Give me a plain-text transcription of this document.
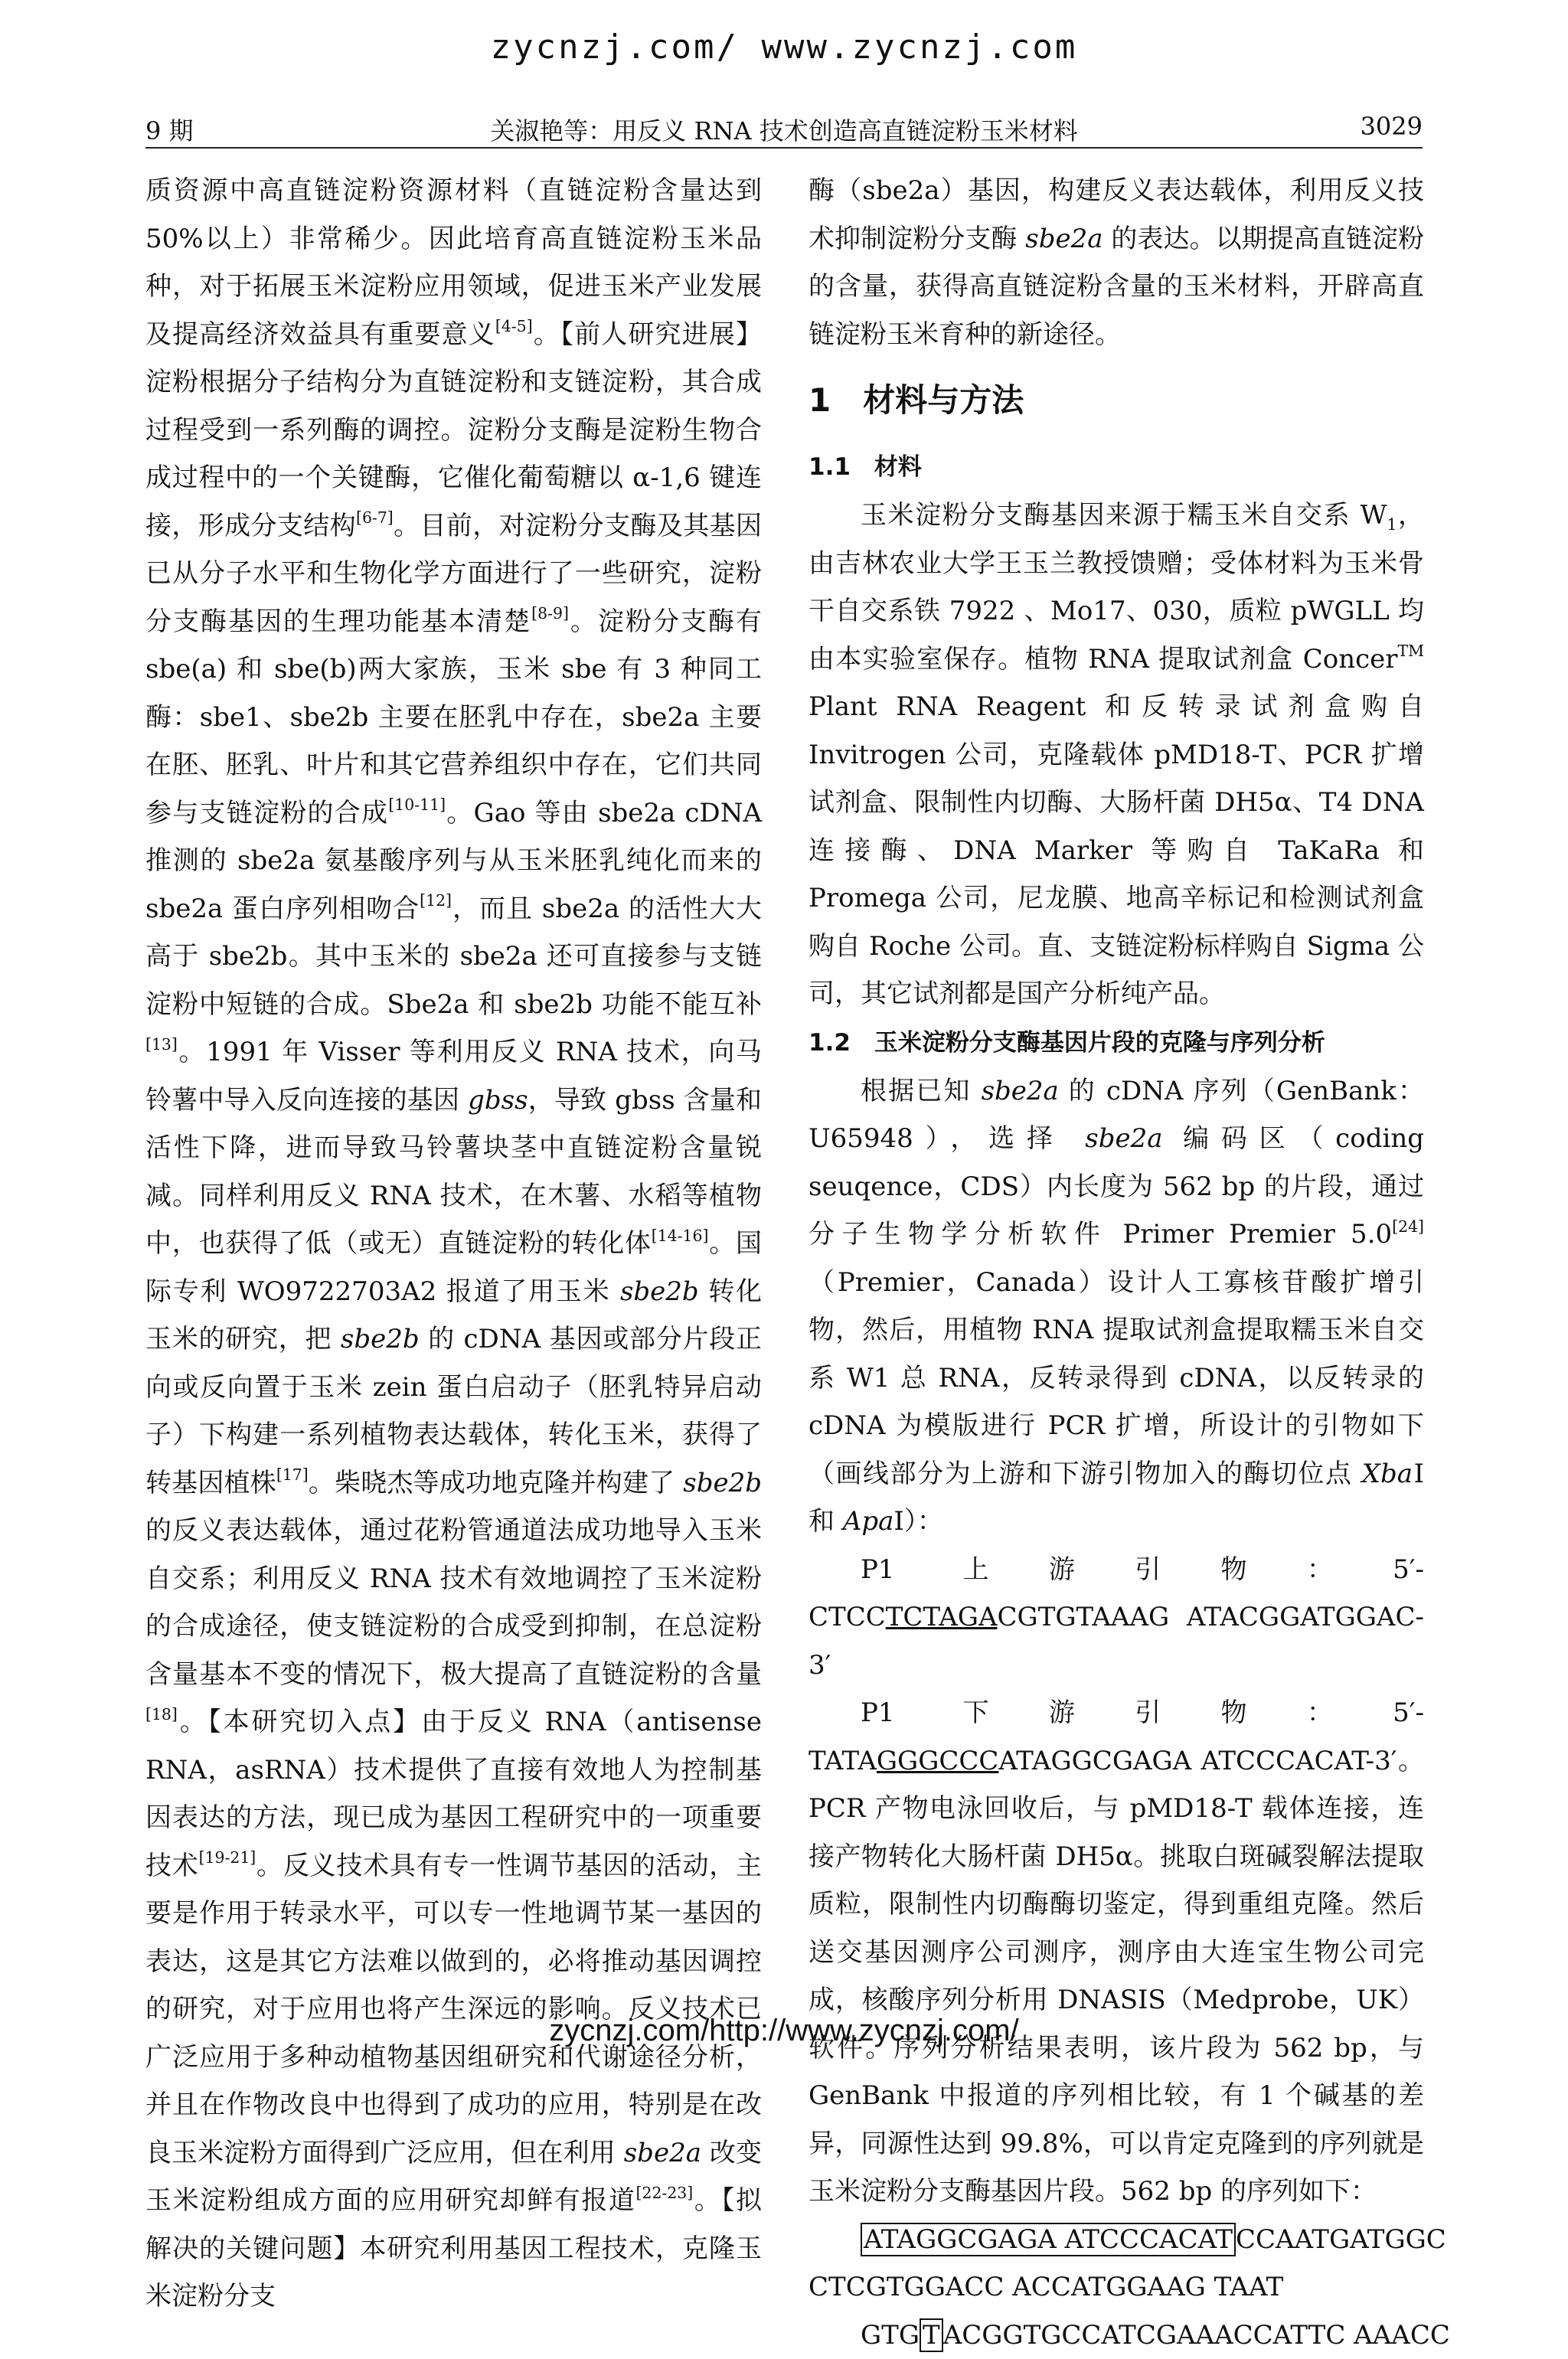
zycnzj.com/ www.zycnzj.com
9 期	关淑艳等：用反义 RNA 技术创造高直链淀粉玉米材料	3029

质资源中高直链淀粉资源材料（直链淀粉含量达到 50%以上）非常稀少。因此培育高直链淀粉玉米品种，对于拓展玉米淀粉应用领域，促进玉米产业发展及提高经济效益具有重要意义[4-5]。【前人研究进展】淀粉根据分子结构分为直链淀粉和支链淀粉，其合成过程受到一系列酶的调控。淀粉分支酶是淀粉生物合成过程中的一个关键酶，它催化葡萄糖以 α-1,6 键连接，形成分支结构[6-7]。目前，对淀粉分支酶及其基因已从分子水平和生物化学方面进行了一些研究，淀粉分支酶基因的生理功能基本清楚[8-9]。淀粉分支酶有 sbe(a) 和 sbe(b)两大家族，玉米 sbe 有 3 种同工酶：sbe1、sbe2b 主要在胚乳中存在，sbe2a 主要在胚、胚乳、叶片和其它营养组织中存在，它们共同参与支链淀粉的合成[10-11]。Gao 等由 sbe2a cDNA 推测的 sbe2a 氨基酸序列与从玉米胚乳纯化而来的 sbe2a 蛋白序列相吻合[12]，而且 sbe2a 的活性大大高于 sbe2b。其中玉米的 sbe2a 还可直接参与支链淀粉中短链的合成。Sbe2a 和 sbe2b 功能不能互补[13]。1991 年 Visser 等利用反义 RNA 技术，向马铃薯中导入反向连接的基因 gbss，导致 gbss 含量和活性下降，进而导致马铃薯块茎中直链淀粉含量锐减。同样利用反义 RNA 技术，在木薯、水稻等植物中，也获得了低（或无）直链淀粉的转化体[14-16]。国际专利 WO9722703A2 报道了用玉米 sbe2b 转化玉米的研究，把 sbe2b 的 cDNA 基因或部分片段正向或反向置于玉米 zein 蛋白启动子（胚乳特异启动子）下构建一系列植物表达载体，转化玉米，获得了转基因植株[17]。柴晓杰等成功地克隆并构建了 sbe2b 的反义表达载体，通过花粉管通道法成功地导入玉米自交系；利用反义 RNA 技术有效地调控了玉米淀粉的合成途径，使支链淀粉的合成受到抑制，在总淀粉含量基本不变的情况下，极大提高了直链淀粉的含量[18]。【本研究切入点】由于反义 RNA（antisense RNA，asRNA）技术提供了直接有效地人为控制基因表达的方法，现已成为基因工程研究中的一项重要技术[19-21]。反义技术具有专一性调节基因的活动，主要是作用于转录水平，可以专一性地调节某一基因的表达，这是其它方法难以做到的，必将推动基因调控的研究，对于应用也将产生深远的影响。反义技术已广泛应用于多种动植物基因组研究和代谢途径分析，并且在作物改良中也得到了成功的应用，特别是在改良玉米淀粉方面得到广泛应用，但在利用 sbe2a 改变玉米淀粉组成方面的应用研究却鲜有报道[22-23]。【拟解决的关键问题】本研究利用基因工程技术，克隆玉米淀粉分支

酶（sbe2a）基因，构建反义表达载体，利用反义技术抑制淀粉分支酶 sbe2a 的表达。以期提高直链淀粉的含量，获得高直链淀粉含量的玉米材料，开辟高直链淀粉玉米育种的新途径。

1　材料与方法
1.1　材料

玉米淀粉分支酶基因来源于糯玉米自交系 $W_1$，由吉林农业大学王玉兰教授馈赠；受体材料为玉米骨干自交系铁 7922 、Mo17、030，质粒 pWGLL 均由本实验室保存。植物 RNA 提取试剂盒 Concer™ Plant RNA Reagent 和反转录试剂盒购自 Invitrogen 公司，克隆载体 pMD18-T、PCR 扩增试剂盒、限制性内切酶、大肠杆菌 DH5α、T4 DNA 连接酶、DNA Marker 等购自 TaKaRa 和 Promega 公司，尼龙膜、地高辛标记和检测试剂盒购自 Roche 公司。直、支链淀粉标样购自 Sigma 公司，其它试剂都是国产分析纯产品。

1.2　玉米淀粉分支酶基因片段的克隆与序列分析

根据已知 sbe2a 的 cDNA 序列（GenBank：U65948），选择 sbe2a 编码区（coding seuqence，CDS）内长度为 562 bp 的片段，通过分子生物学分析软件 Primer Premier 5.0[24]（Premier，Canada）设计人工寡核苷酸扩增引物，然后，用植物 RNA 提取试剂盒提取糯玉米自交系 W1 总 RNA，反转录得到 cDNA，以反转录的 cDNA 为模版进行 PCR 扩增，所设计的引物如下（画线部分为上游和下游引物加入的酶切位点 XbaⅠ和 ApaⅠ）：

P1 上游引物：5′-CTCCTCTAGACGTGTAAAG ATACGGATGGAC-3′

P1 下游引物：5′-TATAGGGCCCATAGGCGAGA ATCCCACAT-3′。PCR 产物电泳回收后，与 pMD18-T 载体连接，连接产物转化大肠杆菌 DH5α。挑取白斑碱裂解法提取质粒，限制性内切酶酶切鉴定，得到重组克隆。然后送交基因测序公司测序，测序由大连宝生物公司完成，核酸序列分析用 DNASIS（Medprobe，UK）软件。序列分析结果表明，该片段为 562 bp，与 GenBank 中报道的序列相比较，有 1 个碱基的差异，同源性达到 99.8%，可以肯定克隆到的序列就是玉米淀粉分支酶基因片段。562 bp 的序列如下：

ATAGGCGAGA ATCCCACAT CCAATGATGGC

CTCGTGGACC ACCATGGAAG TAAT

GTG T ACGGTGCCATCGAAACCATTC AAACC

zycnzj.com/http://www.zycnzj.com/
